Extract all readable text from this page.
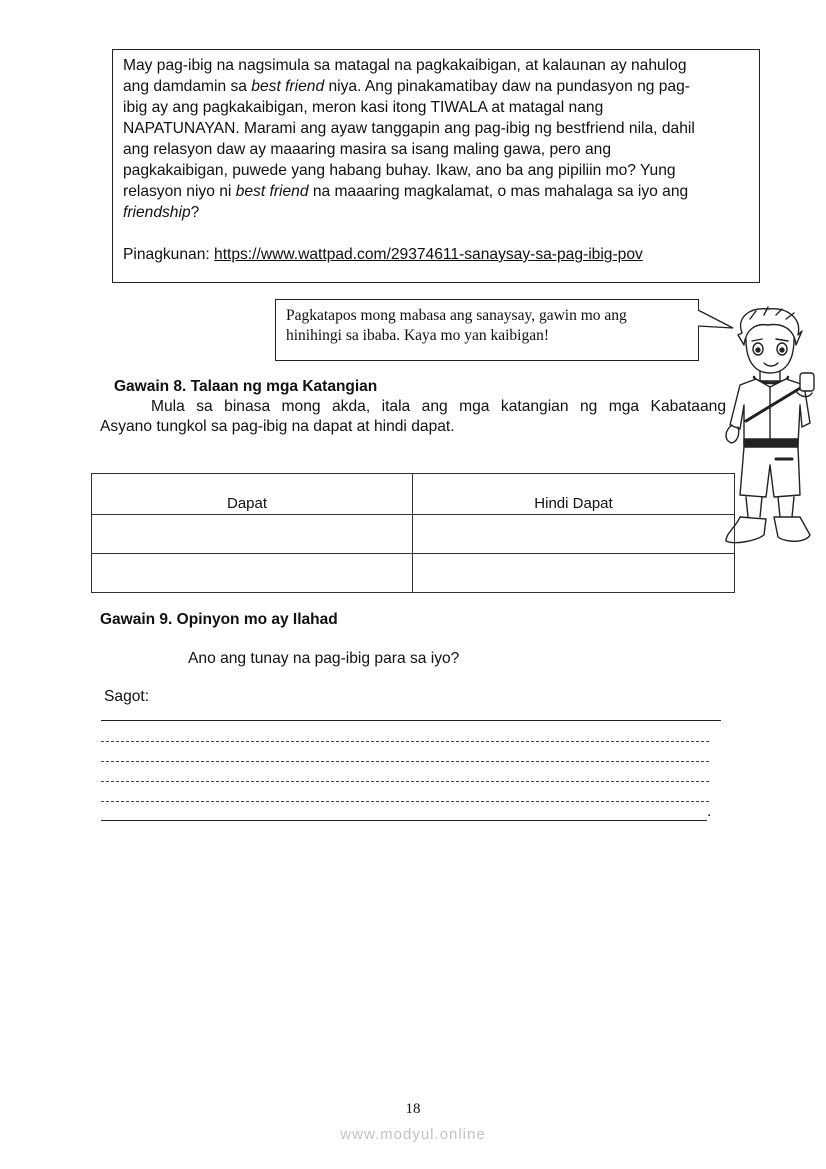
May pag-ibig na nagsimula sa matagal na pagkakaibigan, at kalaunan ay nahulog

ang damdamin sa best friend niya. Ang pinakamatibay daw na pundasyon ng pag-

ibig ay ang pagkakaibigan, meron kasi itong TIWALA at matagal nang

NAPATUNAYAN. Marami ang ayaw tanggapin ang pag-ibig ng bestfriend nila, dahil

ang relasyon daw ay maaaring masira sa isang maling gawa, pero ang

pagkakaibigan, puwede yang habang buhay. Ikaw, ano ba ang pipiliin mo? Yung

relasyon niyo ni best friend na maaaring magkalamat, o mas mahalaga sa iyo ang

friendship?

Pinagkunan: https://www.wattpad.com/29374611-sanaysay-sa-pag-ibig-pov

Pagkatapos mong mabasa ang sanaysay, gawin mo ang
hinihingi sa ibaba. Kaya mo yan kaibigan!
Gawain 8. Talaan ng mga Katangian
Mula sa binasa mong akda, itala ang mga katangian ng mga Kabataang
Asyano tungkol sa pag-ibig na dapat at hindi dapat.
Dapat	Hindi Dapat

Gawain 9. Opinyon mo ay Ilahad
Ano ang tunay na pag-ibig para sa iyo?
Sagot:
.
18
www.modyul.online
